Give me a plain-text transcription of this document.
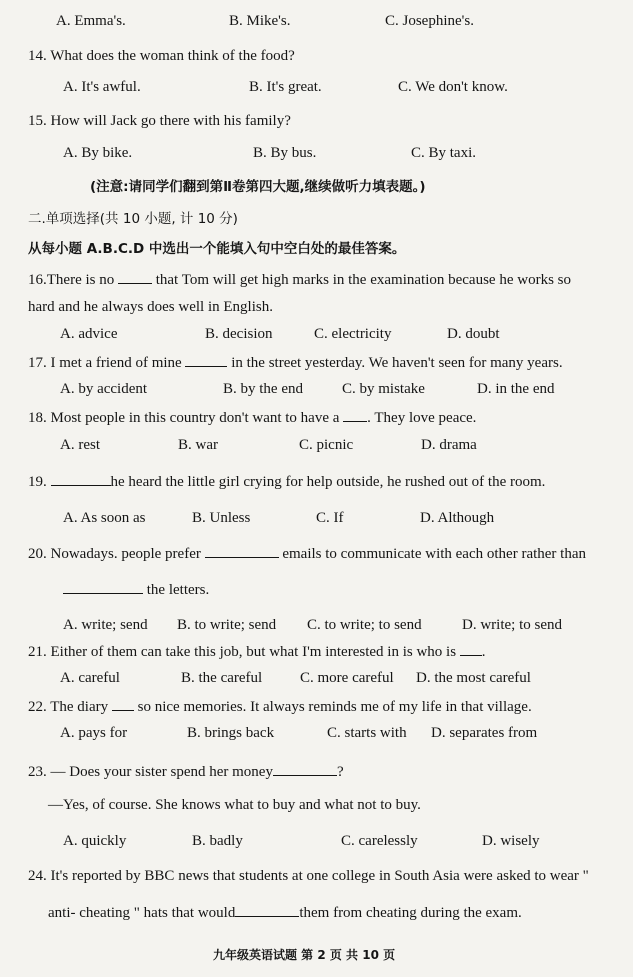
A. Emma's.	B. Mike's.	C. Josephine's.
14. What does the woman think of the food?
A. It's awful.	B. It's great.	C. We don't know.
15. How will Jack go there with his family?
A. By bike.	B. By bus.	C. By taxi.
(注意:请同学们翻到第Ⅱ卷第四大题,继续做听力填表题。)
二.单项选择(共 10 小题, 计 10 分)
从每小题 A.B.C.D 中选出一个能填入句中空白处的最佳答案。
16.There is no	that Tom will get high marks in the examination because he works so
hard and he always does well in English.
A. advice	B. decision	C. electricity	D. doubt
17. I met a friend of mine	in the street yesterday. We haven't seen for many years.
A. by accident	B. by the end	C. by mistake	D. in the end
18. Most people in this country don't want to have a . They love peace.
A. rest	B. war	C. picnic	D. drama
19.	he heard the little girl crying for help outside, he rushed out of the room.
A. As soon as	B. Unless	C. If	D. Although
20. Nowadays. people prefer	emails to communicate with each other rather than
the letters.
A. write; send B. to write; send C. to write; to send	D. write; to send
21. Either of them can take this job, but what I'm interested in is who is .
A. careful	B. the careful	C. more careful D. the most careful
22. The diary so nice memories. It always reminds me of my life in that village.
A. pays for	B. brings back	C. starts with D. separates from
23. — Does your sister spend her money	?
—Yes, of course. She knows what to buy and what not to buy.
A. quickly	B. badly	C. carelessly	D. wisely
24. It's reported by BBC news that students at one college in South Asia were asked to wear "
anti- cheating " hats that would	them from cheating during the exam.
九年级英语试题 第 2 页 共 10 页
